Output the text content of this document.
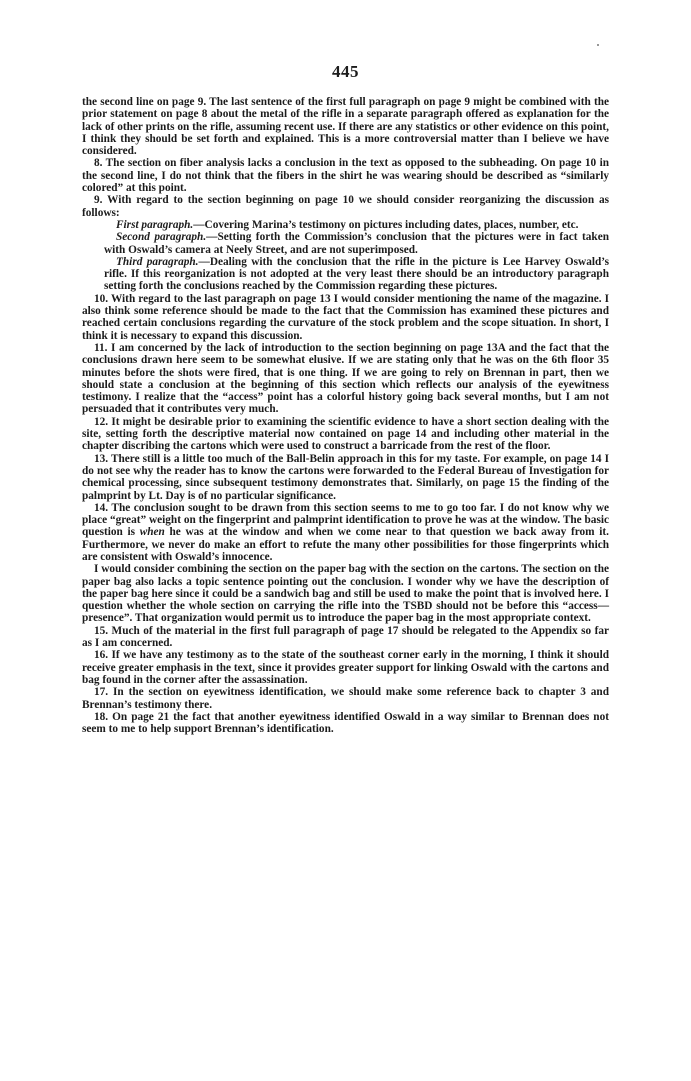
445

the second line on page 9. The last sentence of the first full paragraph on page 9 might be combined with the prior statement on page 8 about the metal of the rifle in a separate paragraph offered as explanation for the lack of other prints on the rifle, assuming recent use. If there are any statistics or other evidence on this point, I think they should be set forth and explained. This is a more controversial matter than I believe we have considered.

8. The section on fiber analysis lacks a conclusion in the text as opposed to the subheading. On page 10 in the second line, I do not think that the fibers in the shirt he was wearing should be described as “similarly colored” at this point.

9. With regard to the section beginning on page 10 we should consider reorganizing the discussion as follows:

First paragraph.—Covering Marina’s testimony on pictures including dates, places, number, etc.

Second paragraph.—Setting forth the Commission’s conclusion that the pictures were in fact taken with Oswald’s camera at Neely Street, and are not superimposed.

Third paragraph.—Dealing with the conclusion that the rifle in the picture is Lee Harvey Oswald’s rifle. If this reorganization is not adopted at the very least there should be an introductory paragraph setting forth the conclusions reached by the Commission regarding these pictures.

10. With regard to the last paragraph on page 13 I would consider mentioning the name of the magazine. I also think some reference should be made to the fact that the Commission has examined these pictures and reached certain conclusions regarding the curvature of the stock problem and the scope situation. In short, I think it is necessary to expand this discussion.

11. I am concerned by the lack of introduction to the section beginning on page 13A and the fact that the conclusions drawn here seem to be somewhat elusive. If we are stating only that he was on the 6th floor 35 minutes before the shots were fired, that is one thing. If we are going to rely on Brennan in part, then we should state a conclusion at the beginning of this section which reflects our analysis of the eyewitness testimony. I realize that the “access” point has a colorful history going back several months, but I am not persuaded that it contributes very much.

12. It might be desirable prior to examining the scientific evidence to have a short section dealing with the site, setting forth the descriptive material now contained on page 14 and including other material in the chapter discribing the cartons which were used to construct a barricade from the rest of the floor.

13. There still is a little too much of the Ball-Belin approach in this for my taste. For example, on page 14 I do not see why the reader has to know the cartons were forwarded to the Federal Bureau of Investigation for chemical processing, since subsequent testimony demonstrates that. Similarly, on page 15 the finding of the palmprint by Lt. Day is of no particular significance.

14. The conclusion sought to be drawn from this section seems to me to go too far. I do not know why we place “great” weight on the fingerprint and palmprint identification to prove he was at the window. The basic question is when he was at the window and when we come near to that question we back away from it. Furthermore, we never do make an effort to refute the many other possibilities for those fingerprints which are consistent with Oswald’s innocence.

I would consider combining the section on the paper bag with the section on the cartons. The section on the paper bag also lacks a topic sentence pointing out the conclusion. I wonder why we have the description of the paper bag here since it could be a sandwich bag and still be used to make the point that is involved here. I question whether the whole section on carrying the rifle into the TSBD should not be before this “access—presence”. That organization would permit us to introduce the paper bag in the most appropriate context.

15. Much of the material in the first full paragraph of page 17 should be relegated to the Appendix so far as I am concerned.

16. If we have any testimony as to the state of the southeast corner early in the morning, I think it should receive greater emphasis in the text, since it provides greater support for linking Oswald with the cartons and bag found in the corner after the assassination.

17. In the section on eyewitness identification, we should make some reference back to chapter 3 and Brennan’s testimony there.

18. On page 21 the fact that another eyewitness identified Oswald in a way similar to Brennan does not seem to me to help support Brennan’s identification.
